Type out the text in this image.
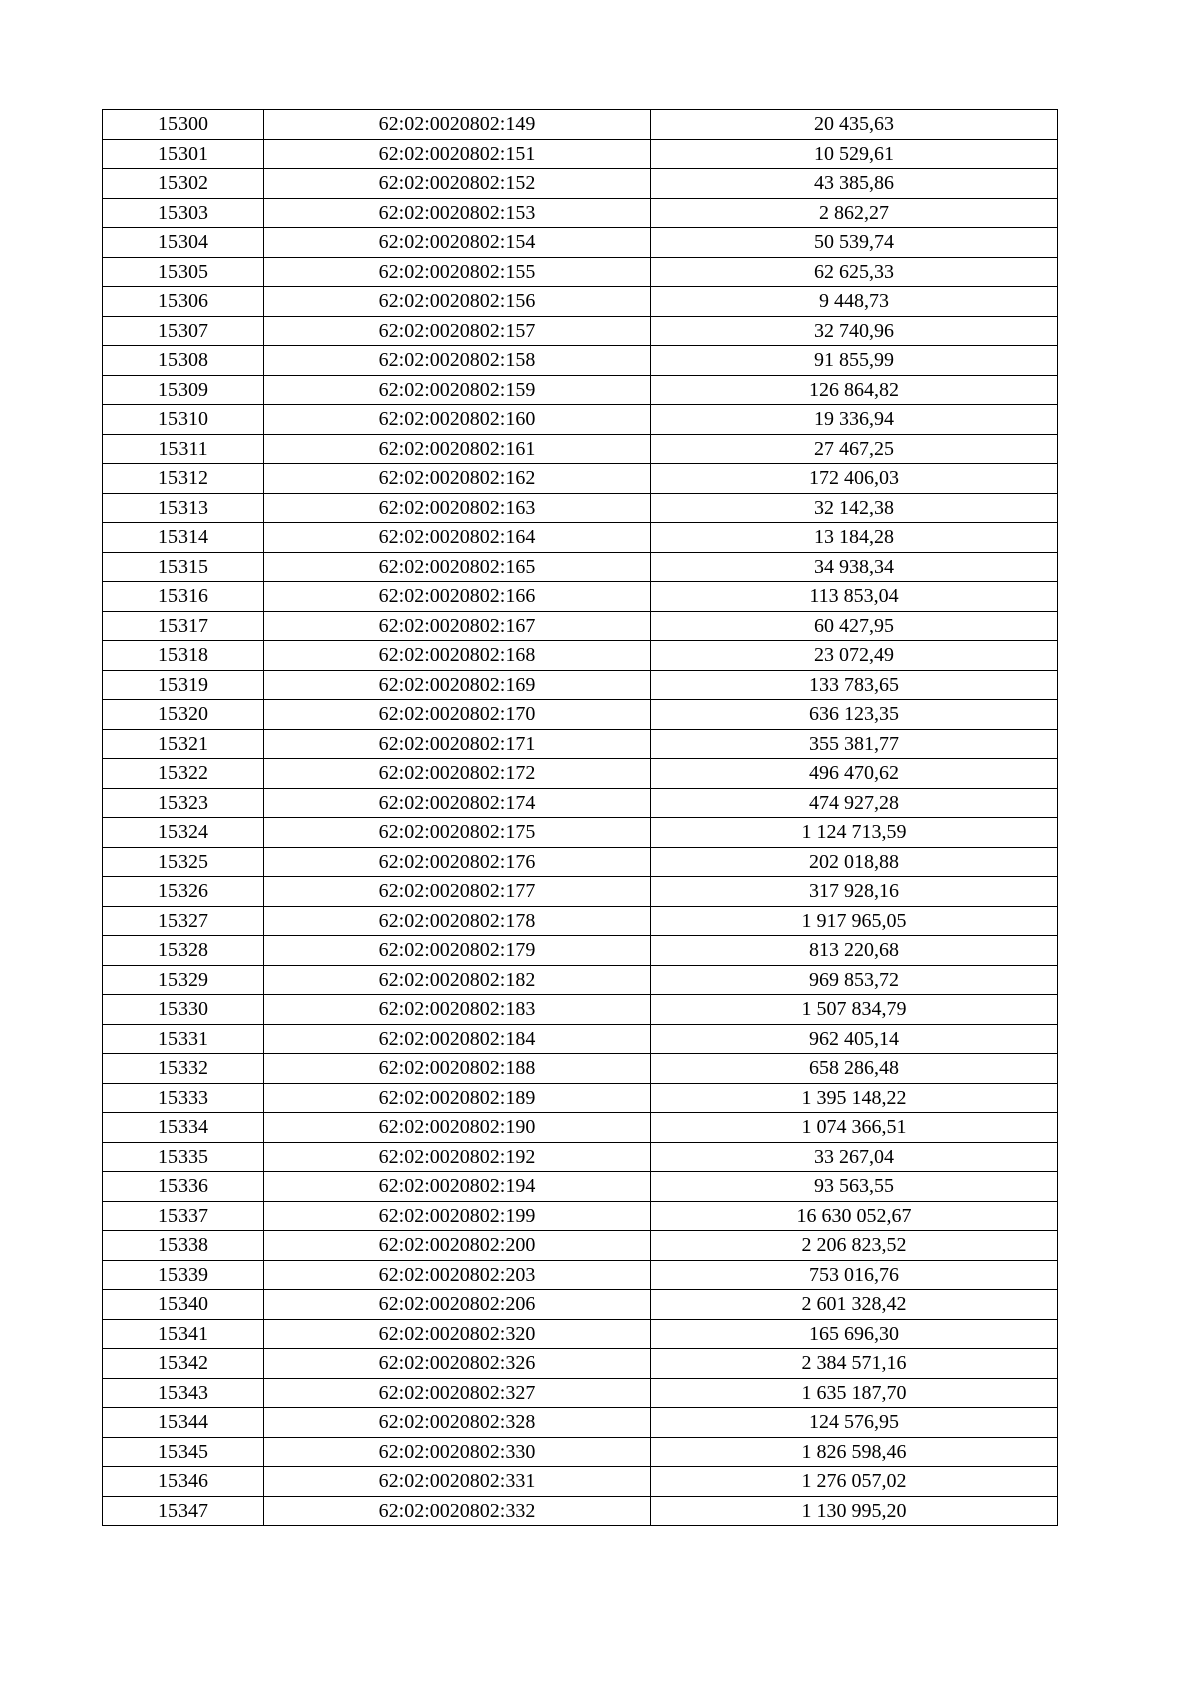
15300	62:02:0020802:149	20 435,63
15301	62:02:0020802:151	10 529,61
15302	62:02:0020802:152	43 385,86
15303	62:02:0020802:153	2 862,27
15304	62:02:0020802:154	50 539,74
15305	62:02:0020802:155	62 625,33
15306	62:02:0020802:156	9 448,73
15307	62:02:0020802:157	32 740,96
15308	62:02:0020802:158	91 855,99
15309	62:02:0020802:159	126 864,82
15310	62:02:0020802:160	19 336,94
15311	62:02:0020802:161	27 467,25
15312	62:02:0020802:162	172 406,03
15313	62:02:0020802:163	32 142,38
15314	62:02:0020802:164	13 184,28
15315	62:02:0020802:165	34 938,34
15316	62:02:0020802:166	113 853,04
15317	62:02:0020802:167	60 427,95
15318	62:02:0020802:168	23 072,49
15319	62:02:0020802:169	133 783,65
15320	62:02:0020802:170	636 123,35
15321	62:02:0020802:171	355 381,77
15322	62:02:0020802:172	496 470,62
15323	62:02:0020802:174	474 927,28
15324	62:02:0020802:175	1 124 713,59
15325	62:02:0020802:176	202 018,88
15326	62:02:0020802:177	317 928,16
15327	62:02:0020802:178	1 917 965,05
15328	62:02:0020802:179	813 220,68
15329	62:02:0020802:182	969 853,72
15330	62:02:0020802:183	1 507 834,79
15331	62:02:0020802:184	962 405,14
15332	62:02:0020802:188	658 286,48
15333	62:02:0020802:189	1 395 148,22
15334	62:02:0020802:190	1 074 366,51
15335	62:02:0020802:192	33 267,04
15336	62:02:0020802:194	93 563,55
15337	62:02:0020802:199	16 630 052,67
15338	62:02:0020802:200	2 206 823,52
15339	62:02:0020802:203	753 016,76
15340	62:02:0020802:206	2 601 328,42
15341	62:02:0020802:320	165 696,30
15342	62:02:0020802:326	2 384 571,16
15343	62:02:0020802:327	1 635 187,70
15344	62:02:0020802:328	124 576,95
15345	62:02:0020802:330	1 826 598,46
15346	62:02:0020802:331	1 276 057,02
15347	62:02:0020802:332	1 130 995,20
